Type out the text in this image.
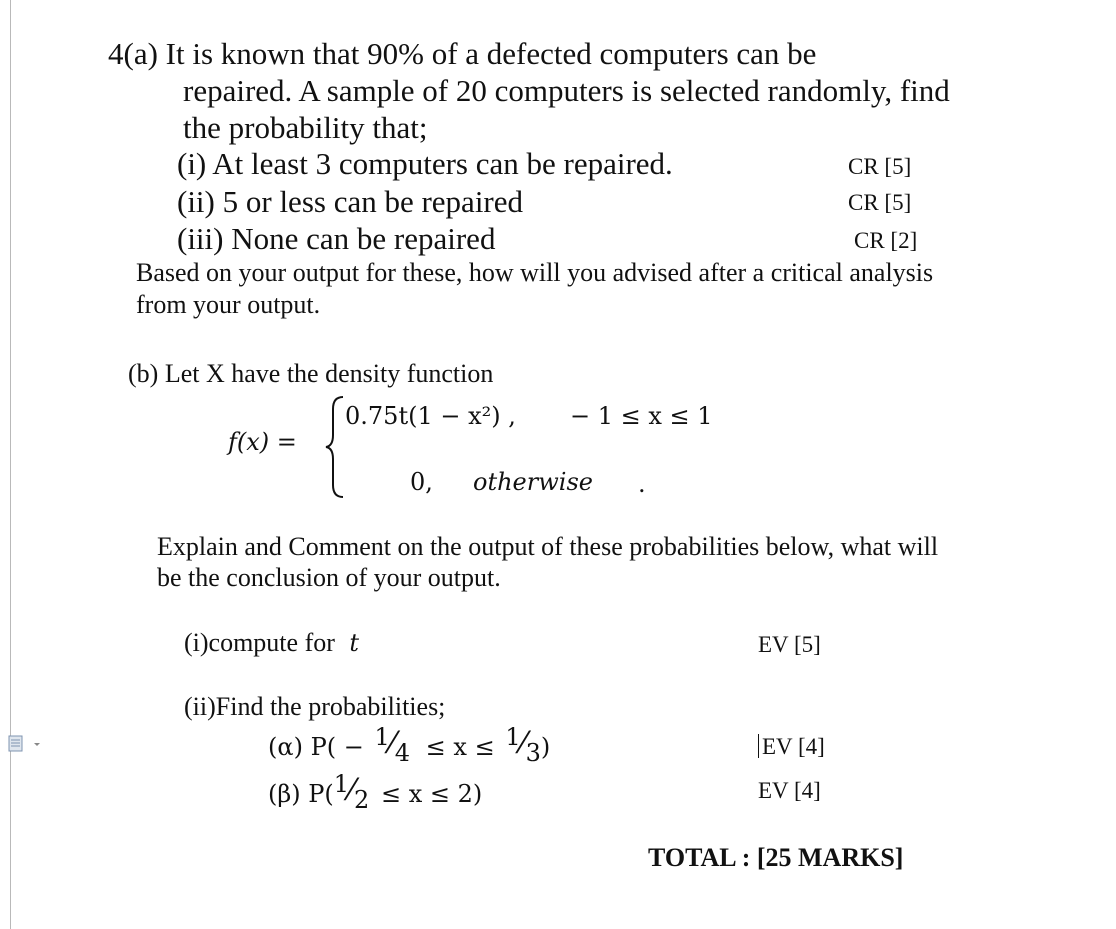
4(a) It is known that 90% of a defected computers can be
repaired. A sample of 20 computers is selected randomly, find
the probability that;
(i) At least 3 computers can be repaired.	CR [5]
(ii) 5 or less can be repaired	CR [5]
(iii) None can be repaired	CR [2]
Based on your output for these, how will you advised after a critical analysis
from your output.
(b) Let X have the density function
f(x) =
0.75t(1 − x²) , − 1 ≤ x ≤ 1
0, otherwise .
Explain and Comment on the output of these probabilities below, what will
be the conclusion of your output.
(i)compute for t	EV [5]
(ii)Find the probabilities;
(α) P( − 1⁄4 ≤ x ≤ 1⁄3)	EV [4]
(β) P(1⁄2 ≤ x ≤ 2)	EV [4]
TOTAL : [25 MARKS]
